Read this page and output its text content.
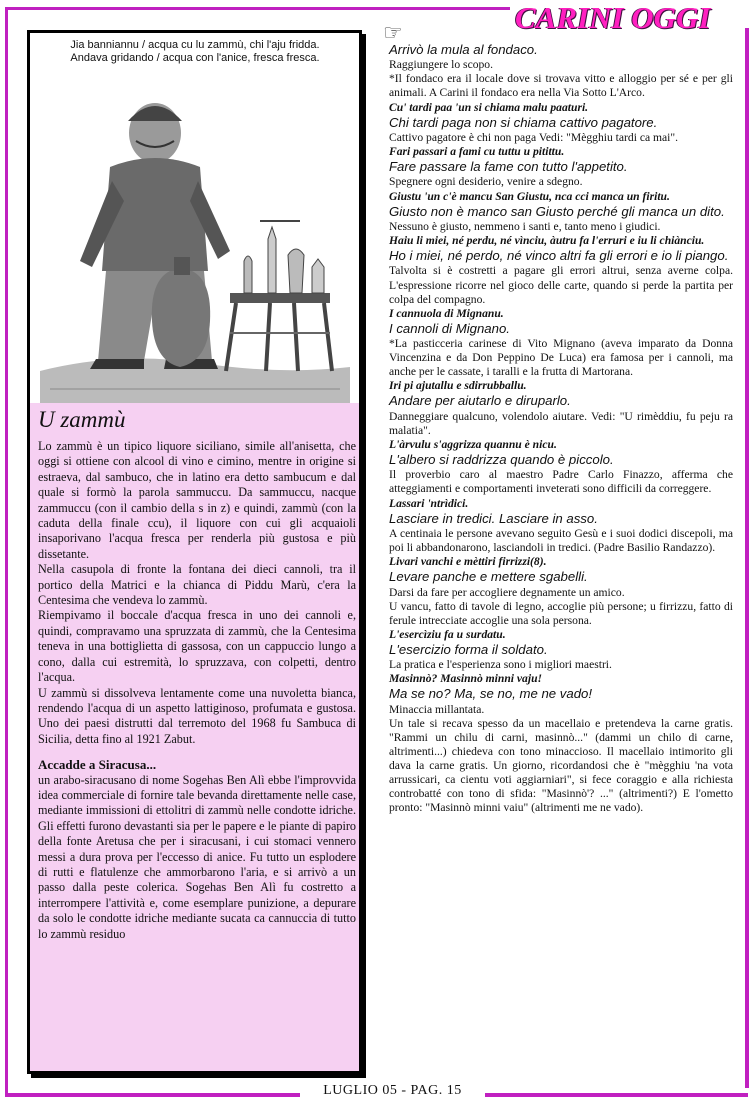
CARINI OGGI
☞
Jia banniannu / acqua cu lu zammù, chi l'aju fridda.
Andava gridando / acqua con l'anice, fresca fresca.
U zammù

Lo zammù è un tipico liquore siciliano, simile all'anisetta, che oggi si ottiene con alcool di vino e cimino, mentre in origine si estraeva, dal sambuco, che in latino era detto sambucum e dal quale si formò la parola sammuccu. Da sammuccu, nacque zammuccu (con il cambio della s in z) e quindi, zammù (con la caduta della finale ccu), il liquore con cui gli acquaioli insaporivano l'acqua fresca per renderla più gustosa e più dissetante.

Nella casupola di fronte la fontana dei dieci cannoli, tra il portico della Matrici e la chianca di Piddu Marù, c'era la Centesima che vendeva lo zammù.

Riempivamo il boccale d'acqua fresca in uno dei cannoli e, quindi, compravamo una spruzzata di zammù, che la Centesima teneva in una bottiglietta di gassosa, con un cappuccio lungo a cono, dalla cui estremità, lo spruzzava, con colpetti, dentro l'acqua.

U zammù si dissolveva lentamente come una nuvoletta bianca, rendendo l'acqua di un aspetto lattiginoso, profumata e gustosa. Uno dei paesi distrutti dal terremoto del 1968 fu Sambuca di Sicilia, detta fino al 1921 Zabut.

Accadde a Siracusa...

un arabo-siracusano di nome Sogehas Ben Alì ebbe l'improvvida idea commerciale di fornire tale bevanda direttamente nelle case, mediante immissioni di ettolitri di zammù nelle condotte idriche. Gli effetti furono devastanti sia per le papere e le piante di papiro della fonte Aretusa che per i siracusani, i cui stomaci vennero messi a dura prova per l'eccesso di anice. Fu tutto un esplodere di rutti e flatulenze che ammorbarono l'aria, e si arrivò a un passo dalla peste colerica. Sogehas Ben Alì fu costretto a interrompere l'attività e, come esemplare punizione, a depurare da solo le condotte idriche mediante sucata ca cannuccia di tutto lo zammù residuo

Arrivò la mula al fondaco.

Raggiungere lo scopo.

*Il fondaco era il locale dove si trovava vitto e alloggio per sé e per gli animali. A Carini il fondaco era nella Via Sotto L'Arco.

Cu' tardi paa 'un si chiama malu paaturi.

Chi tardi paga non si chiama cattivo pagatore.

Cattivo pagatore è chi non paga Vedi: "Mègghiu tardi ca mai".

Fari passari a fami cu tuttu u pitittu.

Fare passare la fame con tutto l'appetito.

Spegnere ogni desiderio, venire a sdegno.

Giustu 'un c'è mancu San Giustu, nca cci manca un firitu.

Giusto non è manco san Giusto perché gli manca un dito.

Nessuno è giusto, nemmeno i santi e, tanto meno i giudici.

Haiu li miei, né perdu, né vìnciu, àutru fa l'erruri e iu li chiànciu.

Ho i miei, né perdo, né vinco altri fa gli errori e io li piango.

Talvolta si è costretti a pagare gli errori altrui, senza averne colpa. L'espressione ricorre nel gioco delle carte, quando si perde la partita per colpa del compagno.

I cannuola di Mignanu.

I cannoli di Mignano.

*La pasticceria carinese di Vito Mignano (aveva imparato da Donna Vincenzina e da Don Peppino De Luca) era famosa per i cannoli, ma anche per le cassate, i taralli e la frutta di Martorana.

Iri pi ajutallu e sdirrubballu.

Andare per aiutarlo e diruparlo.

Danneggiare qualcuno, volendolo aiutare. Vedi: "U rimèddiu, fu peju ra malatia".

L'àrvulu s'aggrizza quannu è nicu.

L'albero si raddrizza quando è piccolo.

Il proverbio caro al maestro Padre Carlo Finazzo, afferma che atteggiamenti e comportamenti inveterati sono difficili da correggere.

Lassari 'ntrìdici.

Lasciare in tredici. Lasciare in asso.

A centinaia le persone avevano seguito Gesù e i suoi dodici discepoli, ma poi li abbandonarono, lasciandoli in tredici. (Padre Basilio Randazzo).

Livari vanchi e mèttiri firrizzi(8).

Levare panche e mettere sgabelli.

Darsi da fare per accogliere degnamente un amico.

U vancu, fatto di tavole di legno, accoglie più persone; u firrizzu, fatto di ferule intrecciate accoglie una sola persona.

L'esercìziu fa u surdatu.

L'esercizio forma il soldato.

La pratica e l'esperienza sono i migliori maestri.

Masinnò? Masinnò minni vaju!

Ma se no? Ma, se no, me ne vado!

Minaccia millantata.

Un tale si recava spesso da un macellaio e pretendeva la carne gratis. "Rammi un chilu di carni, masinnò..." (dammi un chilo di carne, altrimenti...) chiedeva con tono minaccioso. Il macellaio intimorito gli dava la carne gratis. Un giorno, ricordandosi che è "mègghiu 'na vota arrussicari, ca cientu voti aggiarniari", si fece coraggio e alla richiesta controbatté con tono di sfida: "Masinnò'? ..." (altrimenti?) E l'ometto pronto: "Masinnò minni vaiu" (altrimenti me ne vado).

LUGLIO 05 - PAG. 15
